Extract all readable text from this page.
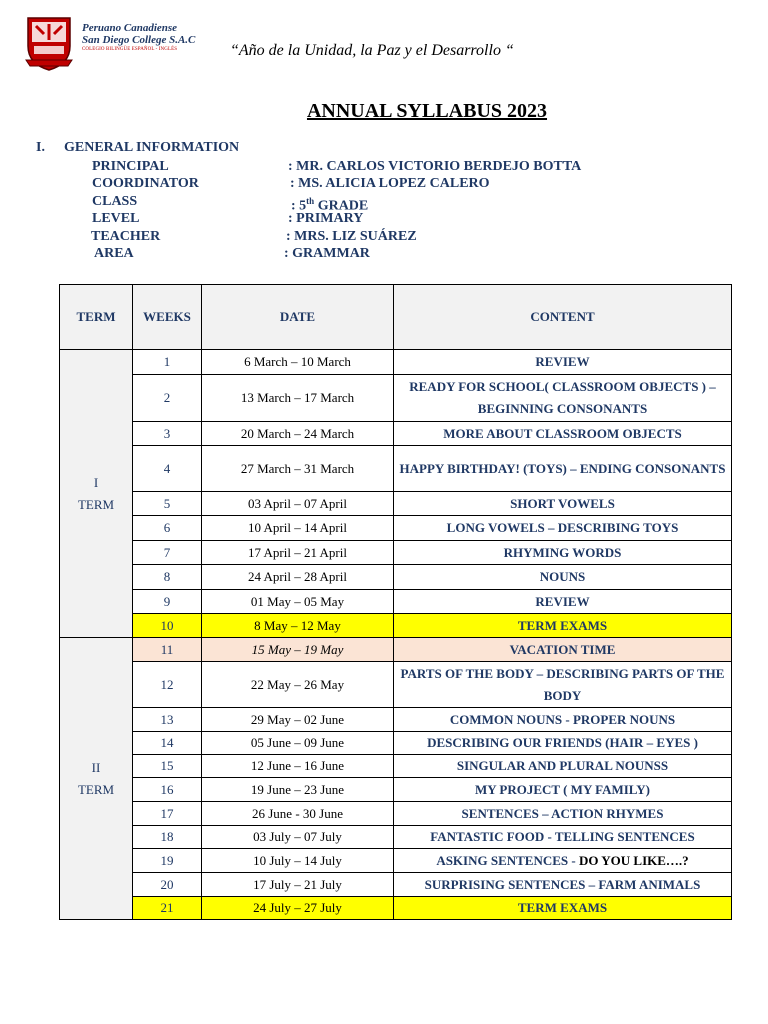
Peruano Canadiense
San Diego College S.A.C
COLEGIO BILINGÜE ESPAÑOL - INGLÉS	“Año de la Unidad, la Paz y el Desarrollo “
ANNUAL SYLLABUS 2023
I. GENERAL INFORMATION
PRINCIPAL	: MR. CARLOS VICTORIO BERDEJO BOTTA
COORDINATOR	: MS. ALICIA LOPEZ CALERO
CLASS	: 5th GRADE
LEVEL	: PRIMARY
TEACHER	: MRS. LIZ SUÁREZ
AREA	: GRAMMAR
TERM	WEEKS	DATE	CONTENT

I
TERM	1	6 March – 10 March	REVIEW
	2	13 March – 17 March	READY FOR SCHOOL( CLASSROOM OBJECTS ) – BEGINNING CONSONANTS
	3	20 March – 24 March	MORE ABOUT CLASSROOM OBJECTS
	4	27 March – 31 March	HAPPY BIRTHDAY! (TOYS) – ENDING CONSONANTS
	5	03 April – 07 April	SHORT VOWELS
	6	10 April – 14 April	LONG VOWELS – DESCRIBING TOYS
	7	17 April – 21 April	RHYMING WORDS
	8	24 April – 28 April	NOUNS
	9	01 May – 05 May	REVIEW
	10	8 May – 12 May	TERM EXAMS

II
TERM	11	15 May – 19 May	VACATION TIME
	12	22 May – 26 May	PARTS OF THE BODY – DESCRIBING PARTS OF THE BODY
	13	29 May – 02 June	COMMON NOUNS - PROPER NOUNS
	14	05 June – 09 June	DESCRIBING OUR FRIENDS (HAIR – EYES )
	15	12 June – 16 June	SINGULAR AND PLURAL NOUNSS
	16	19 June – 23 June	MY PROJECT ( MY FAMILY)
	17	26 June - 30 June	SENTENCES – ACTION RHYMES
	18	03 July – 07 July	FANTASTIC FOOD - TELLING SENTENCES
	19	10 July – 14 July	ASKING SENTENCES - DO YOU LIKE….?
	20	17 July – 21 July	SURPRISING SENTENCES – FARM ANIMALS
	21	24 July – 27 July	TERM EXAMS
